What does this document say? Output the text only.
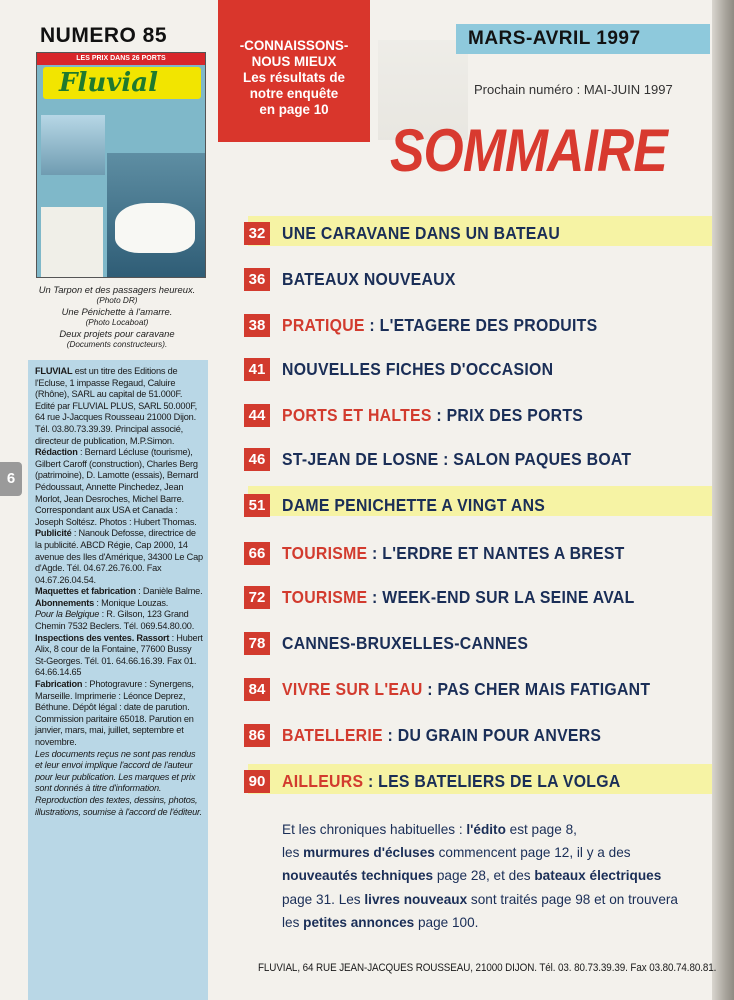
NUMERO 85
LES PRIX DANS 26 PORTS
Fluvial
Un Tarpon et des passagers heureux.
(Photo DR)
Une Pénichette à l'amarre.
(Photo Locaboat)
Deux projets pour caravane
(Documents constructeurs).
6

FLUVIAL est un titre des Editions de l'Ecluse, 1 impasse Regaud, Caluire (Rhône), SARL au capital de 51.000F. Edité par FLUVIAL PLUS, SARL 50.000F, 64 rue J-Jacques Rousseau 21000 Dijon. Tél. 03.80.73.39.39. Principal associé, directeur de publication, M.P.Simon.

Rédaction : Bernard Lécluse (tourisme), Gilbert Caroff (construction), Charles Berg (patrimoine), D. Lamotte (essais), Bernard Pédoussaut, Annette Pinchedez, Jean Morlot, Jean Desroches, Michel Barre. Correspondant aux USA et Canada : Joseph Soltész. Photos : Hubert Thomas.

Publicité : Nanouk Defosse, directrice de la publicité. ABCD Régie, Cap 2000, 14 avenue des Iles d'Amérique, 34300 Le Cap d'Agde. Tél. 04.67.26.76.00. Fax 04.67.26.04.54.

Maquettes et fabrication : Danièle Balme.

Abonnements : Monique Louzas.
Pour la Belgique : R. Gilson, 123 Grand Chemin 7532 Beclers. Tél. 069.54.80.00.

Inspections des ventes. Rassort : Hubert Alix, 8 cour de la Fontaine, 77600 Bussy St-Georges. Tél. 01. 64.66.16.39. Fax 01. 64.66.14.65

Fabrication : Photogravure : Synergens, Marseille. Imprimerie : Léonce Deprez, Béthune. Dépôt légal : date de parution. Commission paritaire 65018. Parution en janvier, mars, mai, juillet, septembre et novembre.

Les documents reçus ne sont pas rendus et leur envoi implique l'accord de l'auteur pour leur publication. Les marques et prix sont donnés à titre d'information. Reproduction des textes, dessins, photos, illustrations, soumise à l'accord de l'éditeur.

-CONNAISSONS-
NOUS MIEUX
Les résultats de
notre enquête
en page 10
MARS-AVRIL 1997
Prochain numéro : MAI-JUIN 1997
SOMMAIRE
32 UNE CARAVANE DANS UN BATEAU
36 BATEAUX NOUVEAUX
38 PRATIQUE : L'ETAGERE DES PRODUITS
41 NOUVELLES FICHES D'OCCASION
44 PORTS ET HALTES : PRIX DES PORTS
46 ST-JEAN DE LOSNE : SALON PAQUES BOAT
51 DAME PENICHETTE A VINGT ANS
66 TOURISME : L'ERDRE ET NANTES A BREST
72 TOURISME : WEEK-END SUR LA SEINE AVAL
78 CANNES-BRUXELLES-CANNES
84 VIVRE SUR L'EAU : PAS CHER MAIS FATIGANT
86 BATELLERIE : DU GRAIN POUR ANVERS
90 AILLEURS : LES BATELIERS DE LA VOLGA
Et les chroniques habituelles : l'édito est page 8,
les murmures d'écluses commencent page 12, il y a des
nouveautés techniques page 28, et des bateaux électriques
page 31. Les livres nouveaux sont traités page 98 et on trouvera
les petites annonces page 100.
FLUVIAL, 64 RUE JEAN-JACQUES ROUSSEAU, 21000 DIJON. Tél. 03. 80.73.39.39. Fax 03.80.74.80.81.
